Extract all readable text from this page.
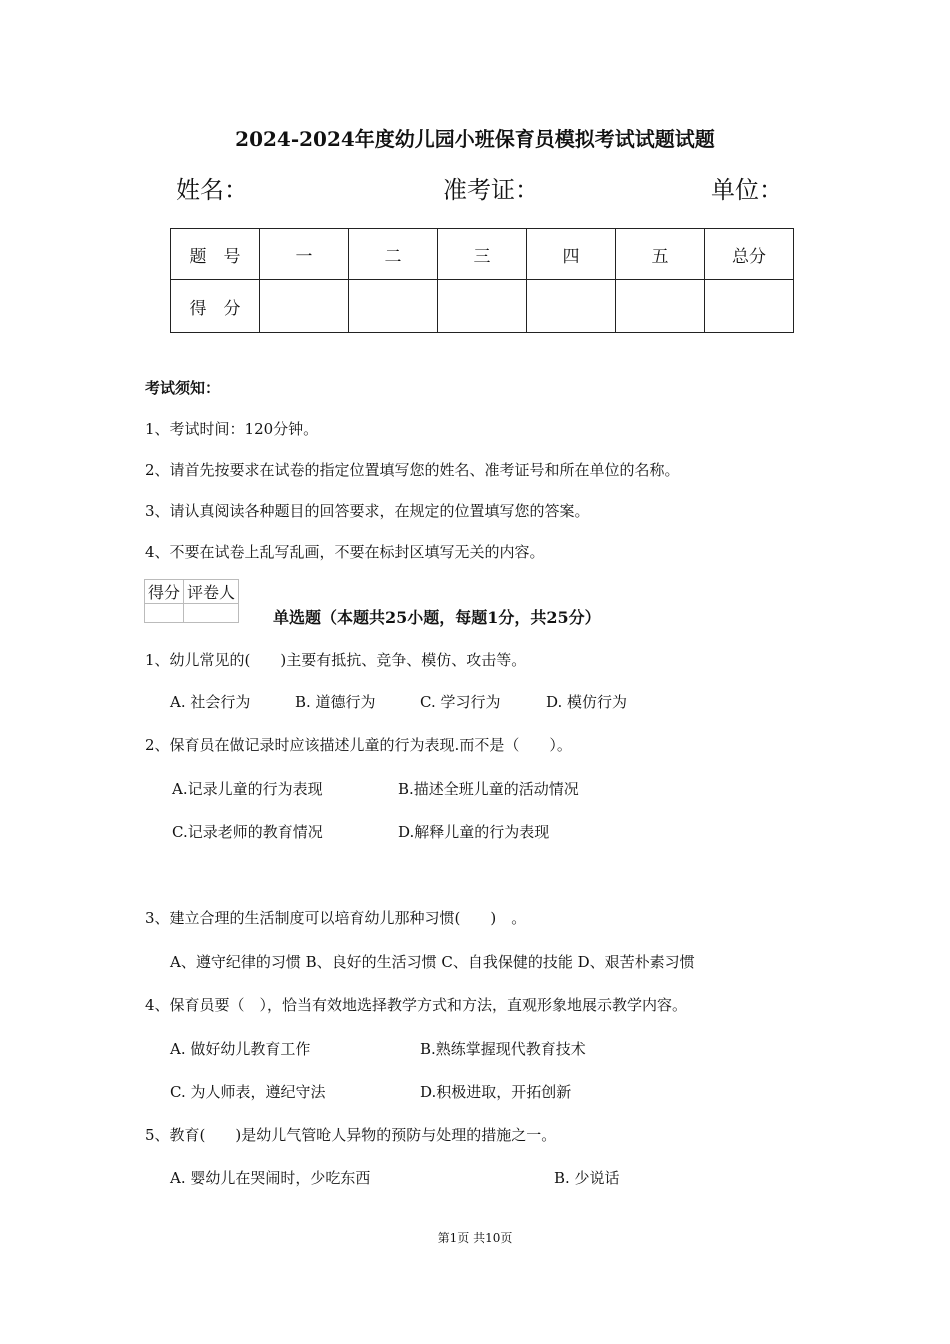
2024-2024年度幼儿园小班保育员模拟考试试题试题
姓名：	准考证：	单位：
题　号	一	二	三	四	五	总分
得　分						
考试须知：
1、考试时间：120分钟。
2、请首先按要求在试卷的指定位置填写您的姓名、准考证号和所在单位的名称。
3、请认真阅读各种题目的回答要求，在规定的位置填写您的答案。
4、不要在试卷上乱写乱画，不要在标封区填写无关的内容。
得分	评卷人

单选题（本题共25小题，每题1分，共25分）
1、幼儿常见的(　　)主要有抵抗、竞争、模仿、攻击等。
A. 社会行为	B. 道德行为	C. 学习行为	D. 模仿行为
2、保育员在做记录时应该描述儿童的行为表现.而不是（　　）。
A.记录儿童的行为表现	B.描述全班儿童的活动情况
C.记录老师的教育情况	D.解释儿童的行为表现
3、建立合理的生活制度可以培育幼儿那种习惯(　　)　。
A、遵守纪律的习惯 B、良好的生活习惯 C、自我保健的技能 D、艰苦朴素习惯
4、保育员要（　），恰当有效地选择教学方式和方法，直观形象地展示教学内容。
A. 做好幼儿教育工作	B.熟练掌握现代教育技术
C. 为人师表，遵纪守法	D.积极进取，开拓创新
5、教育(　　)是幼儿气管呛人异物的预防与处理的措施之一。
A. 婴幼儿在哭闹时，少吃东西	B. 少说话
第1页 共10页
